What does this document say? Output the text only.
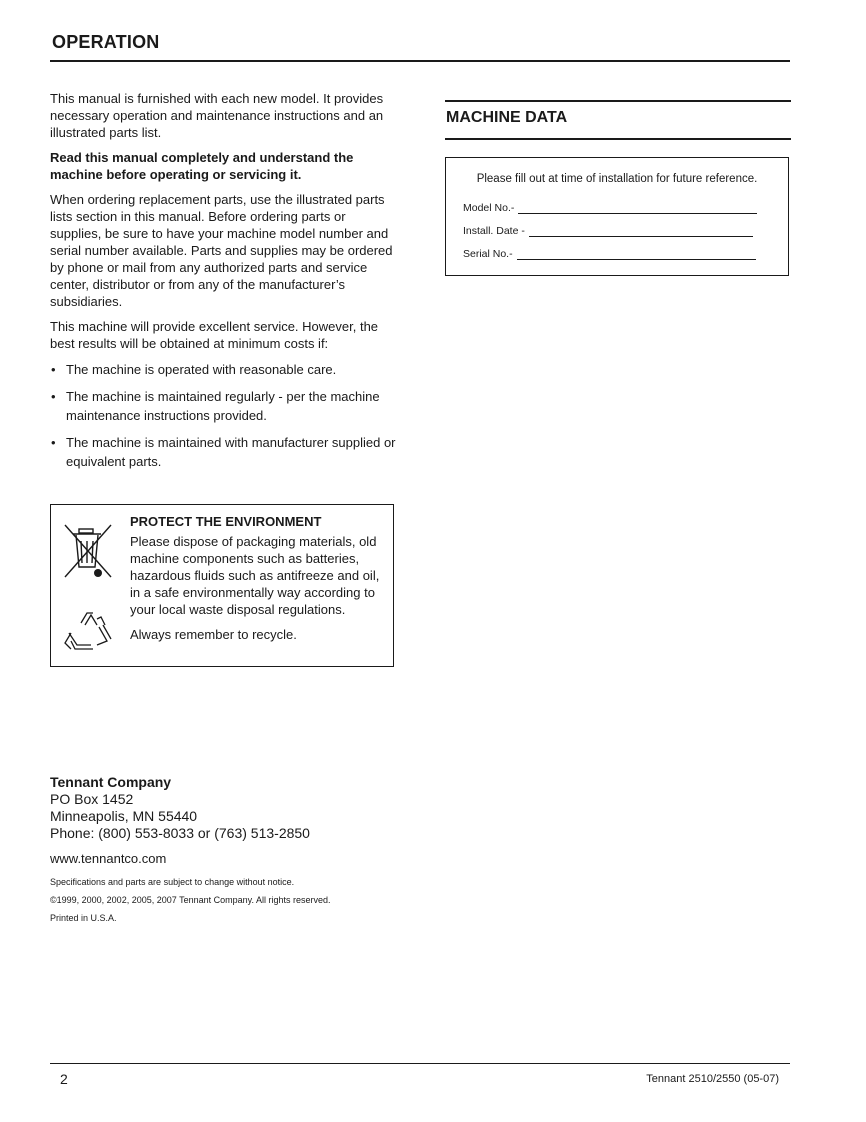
OPERATION

This manual is furnished with each new model. It provides necessary operation and maintenance instructions and an illustrated parts list.

Read this manual completely and understand the machine before operating or servicing it.

When ordering replacement parts, use the illustrated parts lists section in this manual. Before ordering parts or supplies, be sure to have your machine model number and serial number available. Parts and supplies may be ordered by phone or mail from any authorized parts and service center, distributor or from any of the manufacturer’s subsidiaries.

This machine will provide excellent service. However, the best results will be obtained at minimum costs if:

• The machine is operated with reasonable care.
• The machine is maintained regularly - per the machine maintenance instructions provided.
• The machine is maintained with manufacturer supplied or equivalent parts.
PROTECT THE ENVIRONMENT

Please dispose of packaging materials, old machine components such as batteries, hazardous fluids such as antifreeze and oil, in a safe environmentally way according to your local waste disposal regulations.

Always remember to recycle.

MACHINE DATA
Please fill out at time of installation for future reference.
Model No.-
Install. Date -
Serial No.-
Tennant Company
PO Box 1452
Minneapolis, MN 55440
Phone: (800) 553-8033 or (763) 513-2850
www.tennantco.com
Specifications and parts are subject to change without notice.
©1999, 2000, 2002, 2005, 2007 Tennant Company. All rights reserved.
Printed in U.S.A.
2	Tennant 2510/2550 (05-07)
